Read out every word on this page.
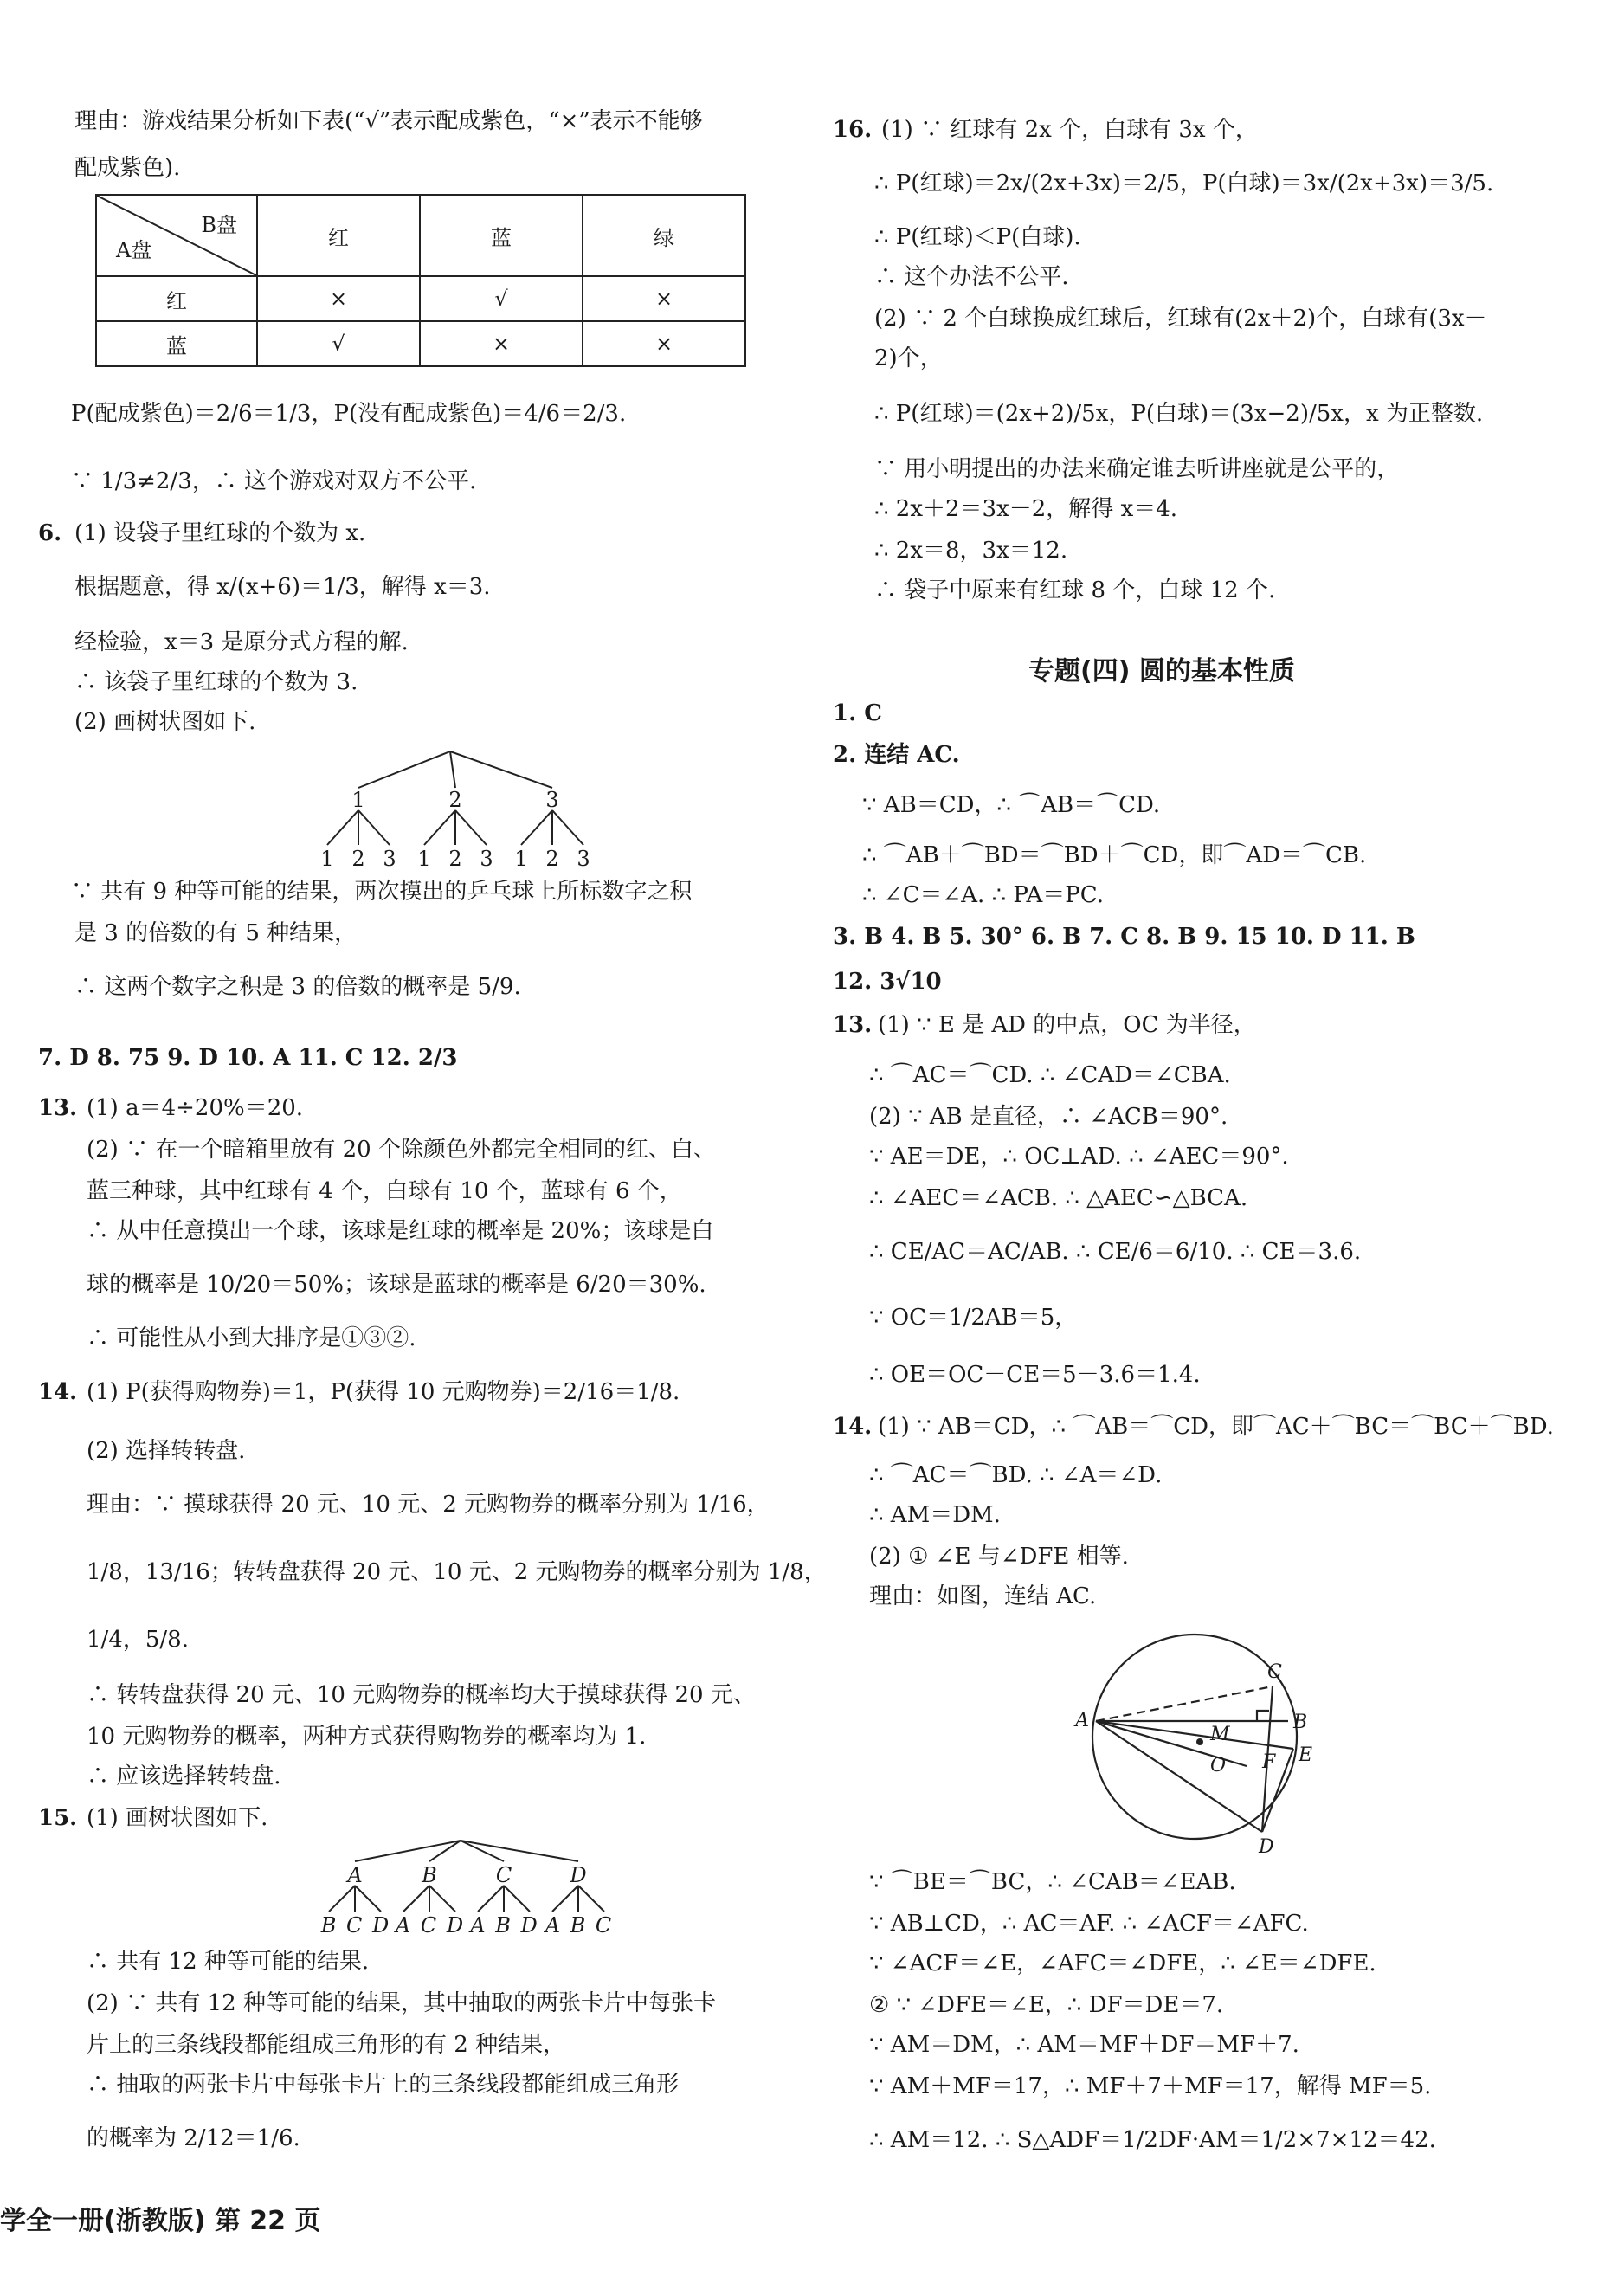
理由：游戏结果分析如下表(“√”表示配成紫色，“×”表示不能够
配成紫色).
B盘
A盘	红	蓝	绿
红	×	√	×
蓝	√	×	×
P(配成紫色)＝2/6＝1/3，P(没有配成紫色)＝4/6＝2/3.
∵ 1/3≠2/3，∴ 这个游戏对双方不公平.
6. (1) 设袋子里红球的个数为 x.
根据题意，得 x/(x+6)＝1/3，解得 x＝3.
经检验，x＝3 是原分式方程的解.
∴ 该袋子里红球的个数为 3.
(2) 画树状图如下.
1	2	3
1 2 3 1 2 3 1 2 3
∵ 共有 9 种等可能的结果，两次摸出的乒乓球上所标数字之积
是 3 的倍数的有 5 种结果，
∴ 这两个数字之积是 3 的倍数的概率是 5/9.
7. D 8. 75 9. D 10. A 11. C 12. 2/3
13. (1) a＝4÷20%＝20.
(2) ∵ 在一个暗箱里放有 20 个除颜色外都完全相同的红、白、
蓝三种球，其中红球有 4 个，白球有 10 个，蓝球有 6 个，
∴ 从中任意摸出一个球，该球是红球的概率是 20%；该球是白
球的概率是 10/20＝50%；该球是蓝球的概率是 6/20＝30%.
∴ 可能性从小到大排序是①③②.
14. (1) P(获得购物券)＝1，P(获得 10 元购物券)＝2/16＝1/8.
(2) 选择转转盘.
理由：∵ 摸球获得 20 元、10 元、2 元购物券的概率分别为 1/16，
1/8，13/16；转转盘获得 20 元、10 元、2 元购物券的概率分别为 1/8，
1/4，5/8.
∴ 转转盘获得 20 元、10 元购物券的概率均大于摸球获得 20 元、
10 元购物券的概率，两种方式获得购物券的概率均为 1.
∴ 应该选择转转盘.
15. (1) 画树状图如下.
A	B	C	D
B C D A C D A B D A B C
∴ 共有 12 种等可能的结果.
(2) ∵ 共有 12 种等可能的结果，其中抽取的两张卡片中每张卡
片上的三条线段都能组成三角形的有 2 种结果，
∴ 抽取的两张卡片中每张卡片上的三条线段都能组成三角形
的概率为 2/12＝1/6.
学全一册(浙教版) 第 22 页
16. (1) ∵ 红球有 2x 个，白球有 3x 个，
∴ P(红球)＝2x/(2x+3x)＝2/5，P(白球)＝3x/(2x+3x)＝3/5.
∴ P(红球)＜P(白球).
∴ 这个办法不公平.
(2) ∵ 2 个白球换成红球后，红球有(2x＋2)个，白球有(3x－
2)个，
∴ P(红球)＝(2x+2)/5x，P(白球)＝(3x−2)/5x，x 为正整数.
∵ 用小明提出的办法来确定谁去听讲座就是公平的，
∴ 2x＋2＝3x－2，解得 x＝4.
∴ 2x＝8，3x＝12.
∴ 袋子中原来有红球 8 个，白球 12 个.
专题(四) 圆的基本性质
1. C
2. 连结 AC.
∵ AB＝CD，∴ ⌒AB＝⌒CD.
∴ ⌒AB＋⌒BD＝⌒BD＋⌒CD，即⌒AD＝⌒CB.
∴ ∠C＝∠A. ∴ PA＝PC.
3. B 4. B 5. 30° 6. B 7. C 8. B 9. 15 10. D 11. B
12. 3√10
13. (1) ∵ E 是 AD 的中点，OC 为半径，
∴ ⌒AC＝⌒CD. ∴ ∠CAD＝∠CBA.
(2) ∵ AB 是直径，∴ ∠ACB＝90°.
∵ AE＝DE，∴ OC⊥AD. ∴ ∠AEC＝90°.
∴ ∠AEC＝∠ACB. ∴ △AEC∽△BCA.
∴ CE/AC＝AC/AB. ∴ CE/6＝6/10. ∴ CE＝3.6.
∵ OC＝1/2AB＝5，
∴ OE＝OC－CE＝5－3.6＝1.4.
14. (1) ∵ AB＝CD，∴ ⌒AB＝⌒CD，即⌒AC＋⌒BC＝⌒BC＋⌒BD.
∴ ⌒AC＝⌒BD. ∴ ∠A＝∠D.
∴ AM＝DM.
(2) ① ∠E 与∠DFE 相等.
理由：如图，连结 AC.
C
A	B
M
F
O	E
D
∵ ⌒BE＝⌒BC，∴ ∠CAB＝∠EAB.
∵ AB⊥CD，∴ AC＝AF. ∴ ∠ACF＝∠AFC.
∵ ∠ACF＝∠E，∠AFC＝∠DFE，∴ ∠E＝∠DFE.
② ∵ ∠DFE＝∠E，∴ DF＝DE＝7.
∵ AM＝DM，∴ AM＝MF＋DF＝MF＋7.
∵ AM＋MF＝17，∴ MF＋7＋MF＝17，解得 MF＝5.
∴ AM＝12. ∴ S△ADF＝1/2DF·AM＝1/2×7×12＝42.
